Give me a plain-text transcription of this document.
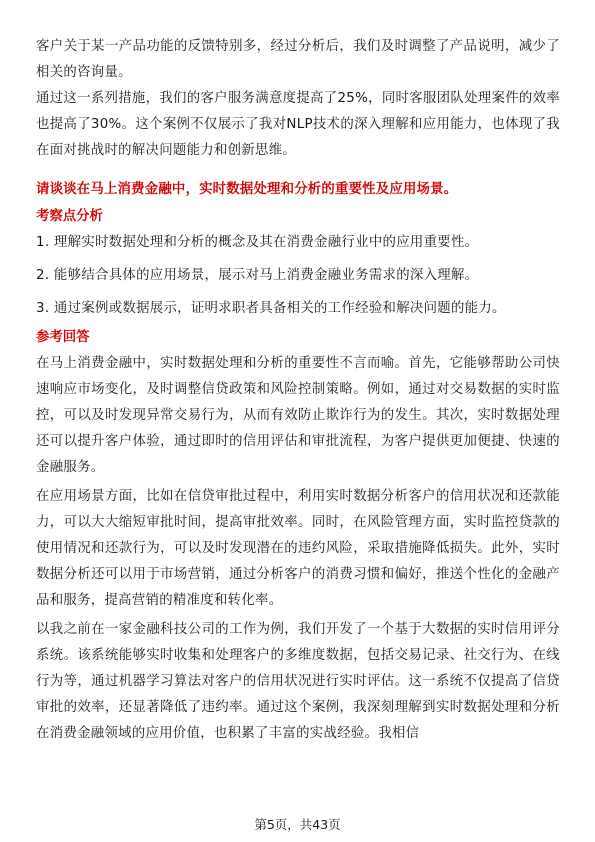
客户关于某一产品功能的反馈特别多，经过分析后，我们及时调整了产品说明，减少了相关的咨询量。

通过这一系列措施，我们的客户服务满意度提高了25%，同时客服团队处理案件的效率也提高了30%。这个案例不仅展示了我对NLP技术的深入理解和应用能力，也体现了我在面对挑战时的解决问题能力和创新思维。

请谈谈在马上消费金融中，实时数据处理和分析的重要性及应用场景。
考察点分析
1. 理解实时数据处理和分析的概念及其在消费金融行业中的应用重要性。
2. 能够结合具体的应用场景，展示对马上消费金融业务需求的深入理解。
3. 通过案例或数据展示，证明求职者具备相关的工作经验和解决问题的能力。
参考回答

在马上消费金融中，实时数据处理和分析的重要性不言而喻。首先，它能够帮助公司快速响应市场变化，及时调整信贷政策和风险控制策略。例如，通过对交易数据的实时监控，可以及时发现异常交易行为，从而有效防止欺诈行为的发生。其次，实时数据处理还可以提升客户体验，通过即时的信用评估和审批流程，为客户提供更加便捷、快速的金融服务。

在应用场景方面，比如在信贷审批过程中，利用实时数据分析客户的信用状况和还款能力，可以大大缩短审批时间，提高审批效率。同时，在风险管理方面，实时监控贷款的使用情况和还款行为，可以及时发现潜在的违约风险，采取措施降低损失。此外，实时数据分析还可以用于市场营销，通过分析客户的消费习惯和偏好，推送个性化的金融产品和服务，提高营销的精准度和转化率。

以我之前在一家金融科技公司的工作为例，我们开发了一个基于大数据的实时信用评分系统。该系统能够实时收集和处理客户的多维度数据，包括交易记录、社交行为、在线行为等，通过机器学习算法对客户的信用状况进行实时评估。这一系统不仅提高了信贷审批的效率，还显著降低了违约率。通过这个案例，我深刻理解到实时数据处理和分析在消费金融领域的应用价值，也积累了丰富的实战经验。我相信

第5页，共43页
